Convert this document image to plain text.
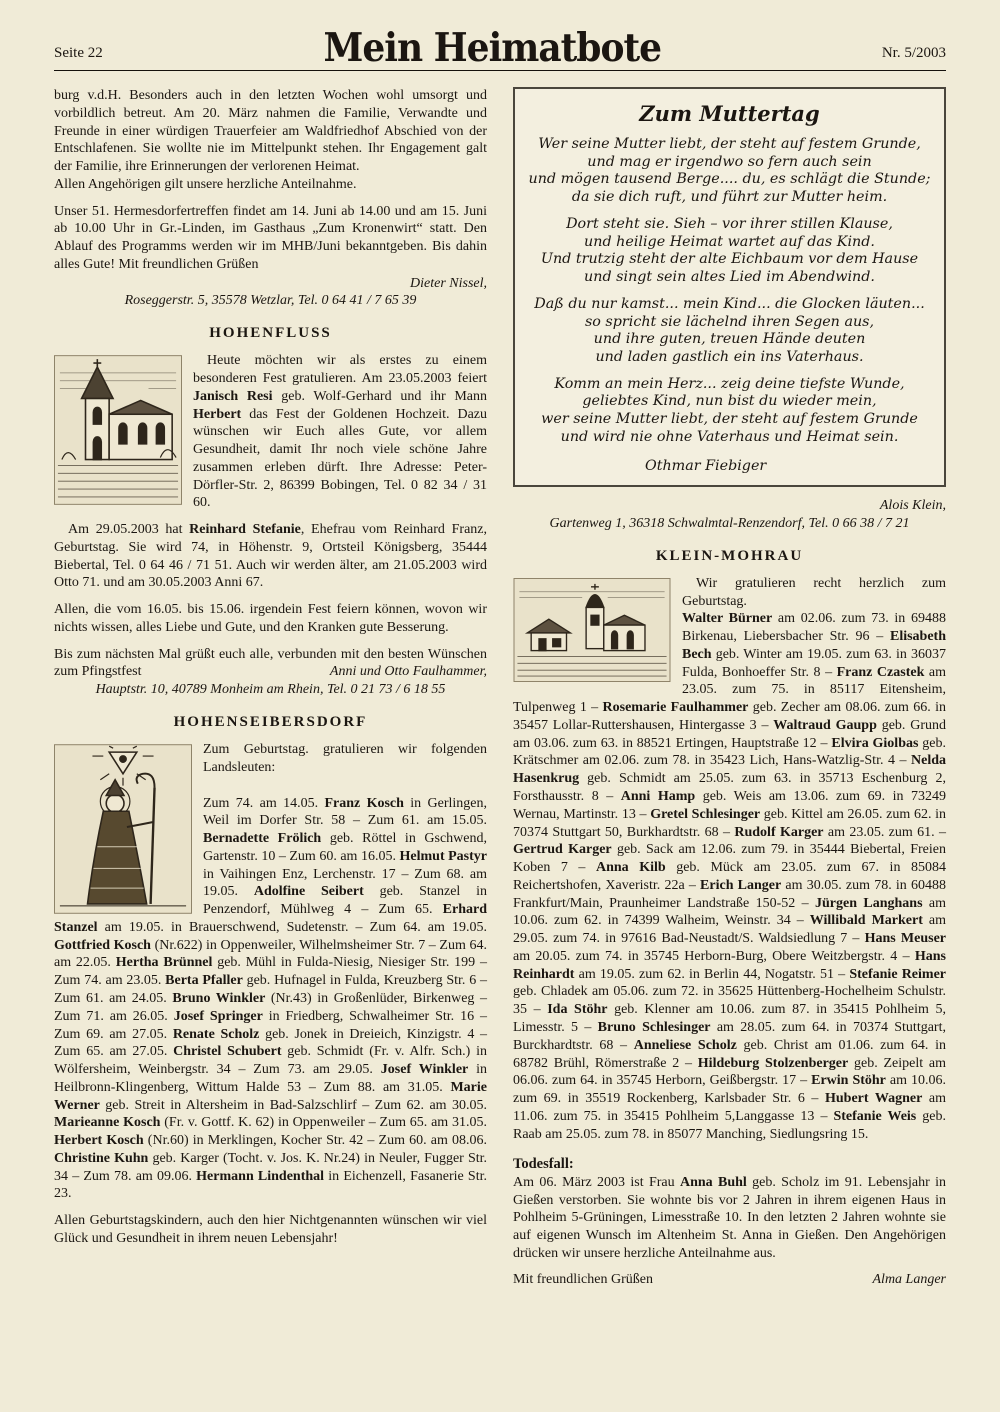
Seite 22	Mein Heimatbote	Nr. 5/2003

burg v.d.H. Besonders auch in den letzten Wochen wohl umsorgt und vorbildlich betreut. Am 20. März nahmen die Familie, Verwandte und Freunde in einer würdigen Trauerfeier am Waldfriedhof Abschied von der Entschlafenen. Sie wollte nie im Mittelpunkt stehen. Ihr Engagement galt der Familie, ihre Erinnerungen der verlorenen Heimat.

Allen Angehörigen gilt unsere herzliche Anteilnahme.

Unser 51. Hermesdorfertreffen findet am 14. Juni ab 14.00 und am 15. Juni ab 10.00 Uhr in Gr.-Linden, im Gasthaus „Zum Kronenwirt“ statt. Den Ablauf des Programms werden wir im MHB/Juni bekanntgeben. Bis dahin alles Gute! Mit freundlichen Grüßen

Dieter Nissel,

Roseggerstr. 5, 35578 Wetzlar, Tel. 0 64 41 / 7 65 39

HOHENFLUSS

Heute möchten wir als erstes zu einem besonderen Fest gratulieren. Am 23.05.2003 feiert Janisch Resi geb. Wolf-Gerhard und ihr Mann Herbert das Fest der Goldenen Hochzeit. Dazu wünschen wir Euch alles Gute, vor allem Gesundheit, damit Ihr noch viele schöne Jahre zusammen erleben dürft. Ihre Adresse: Peter-Dörfler-Str. 2, 86399 Bobingen, Tel. 0 82 34 / 31 60.

Am 29.05.2003 hat Reinhard Stefanie, Ehefrau vom Reinhard Franz, Geburtstag. Sie wird 74, in Höhenstr. 9, Ortsteil Königsberg, 35444 Biebertal, Tel. 0 64 46 / 71 51. Auch wir werden älter, am 21.05.2003 wird Otto 71. und am 30.05.2003 Anni 67.

Allen, die vom 16.05. bis 15.06. irgendein Fest feiern können, wovon wir nichts wissen, alles Liebe und Gute, und den Kranken gute Besserung.

Bis zum nächsten Mal grüßt euch alle, verbunden mit den besten Wünschen zum Pfingstfest	Anni und Otto Faulhammer,

Hauptstr. 10, 40789 Monheim am Rhein, Tel. 0 21 73 / 6 18 55

HOHENSEIBERSDORF

Zum Geburtstag. gratulieren wir folgenden Landsleuten:

Zum 74. am 14.05. Franz Kosch in Gerlingen, Weil im Dorfer Str. 58 – Zum 61. am 15.05. Bernadette Frölich geb. Röttel in Gschwend, Gartenstr. 10 – Zum 60. am 16.05. Helmut Pastyr in Vaihingen Enz, Lerchenstr. 17 – Zum 68. am 19.05. Adolfine Seibert geb. Stanzel in Penzendorf, Mühlweg 4 – Zum 65. Erhard Stanzel am 19.05. in Brauerschwend, Sudetenstr. – Zum 64. am 19.05. Gottfried Kosch (Nr.622) in Oppenweiler, Wilhelmsheimer Str. 7 – Zum 64. am 22.05. Hertha Brünnel geb. Mühl in Fulda-Niesig, Niesiger Str. 199 – Zum 74. am 23.05. Berta Pfaller geb. Hufnagel in Fulda, Kreuzberg Str. 6 – Zum 61. am 24.05. Bruno Winkler (Nr.43) in Großenlüder, Birkenweg – Zum 71. am 26.05. Josef Springer in Friedberg, Schwalheimer Str. 16 – Zum 69. am 27.05. Renate Scholz geb. Jonek in Dreieich, Kinzigstr. 4 – Zum 65. am 27.05. Christel Schubert geb. Schmidt (Fr. v. Alfr. Sch.) in Wölfersheim, Weinbergstr. 34 – Zum 73. am 29.05. Josef Winkler in Heilbronn-Klingenberg, Wittum Halde 53 – Zum 88. am 31.05. Marie Werner geb. Streit in Altersheim in Bad-Salzschlirf – Zum 62. am 30.05. Marieanne Kosch (Fr. v. Gottf. K. 62) in Oppenweiler – Zum 65. am 31.05. Herbert Kosch (Nr.60) in Merklingen, Kocher Str. 42 – Zum 60. am 08.06. Christine Kuhn geb. Karger (Tocht. v. Jos. K. Nr.24) in Neuler, Fugger Str. 34 – Zum 78. am 09.06. Hermann Lindenthal in Eichenzell, Fasanerie Str. 23.

Allen Geburtstagskindern, auch den hier Nichtgenannten wünschen wir viel Glück und Gesundheit in ihrem neuen Lebensjahr!

Zum Muttertag

Wer seine Mutter liebt, der steht auf festem Grunde,

und mag er irgendwo so fern auch sein

und mögen tausend Berge.... du, es schlägt die Stunde;

da sie dich ruft, und führt zur Mutter heim.

Dort steht sie. Sieh – vor ihrer stillen Klause,

und heilige Heimat wartet auf das Kind.

Und trutzig steht der alte Eichbaum vor dem Hause

und singt sein altes Lied im Abendwind.

Daß du nur kamst... mein Kind... die Glocken läuten...

so spricht sie lächelnd ihren Segen aus,

und ihre guten, treuen Hände deuten

und laden gastlich ein ins Vaterhaus.

Komm an mein Herz... zeig deine tiefste Wunde,

geliebtes Kind, nun bist du wieder mein,

wer seine Mutter liebt, der steht auf festem Grunde

und wird nie ohne Vaterhaus und Heimat sein.

Othmar Fiebiger

Alois Klein,

Gartenweg 1, 36318 Schwalmtal-Renzendorf, Tel. 0 66 38 / 7 21

KLEIN-MOHRAU

Wir gratulieren recht herzlich zum Geburtstag.

Walter Bürner am 02.06. zum 73. in 69488 Birkenau, Liebersbacher Str. 96 – Elisabeth Bech geb. Winter am 19.05. zum 63. in 36037 Fulda, Bonhoeffer Str. 8 – Franz Czastek am 23.05. zum 75. in 85117 Eitensheim, Tulpenweg 1 – Rosemarie Faulhammer geb. Zecher am 08.06. zum 66. in 35457 Lollar-Ruttershausen, Hintergasse 3 – Waltraud Gaupp geb. Grund am 03.06. zum 63. in 88521 Ertingen, Hauptstraße 12 – Elvira Giolbas geb. Krätschmer am 02.06. zum 78. in 35423 Lich, Hans-Watzlig-Str. 4 – Nelda Hasenkrug geb. Schmidt am 25.05. zum 63. in 35713 Eschenburg 2, Forsthausstr. 8 – Anni Hamp geb. Weis am 13.06. zum 69. in 73249 Wernau, Martinstr. 13 – Gretel Schlesinger geb. Kittel am 26.05. zum 62. in 70374 Stuttgart 50, Burkhardtstr. 68 – Rudolf Karger am 23.05. zum 61. – Gertrud Karger geb. Sack am 12.06. zum 79. in 35444 Biebertal, Freien Koben 7 – Anna Kilb geb. Mück am 23.05. zum 67. in 85084 Reichertshofen, Xaveristr. 22a – Erich Langer am 30.05. zum 78. in 60488 Frankfurt/Main, Praunheimer Landstraße 150-52 – Jürgen Langhans am 10.06. zum 62. in 74399 Walheim, Weinstr. 34 – Willibald Markert am 29.05. zum 74. in 97616 Bad-Neustadt/S. Waldsiedlung 7 – Hans Meuser am 20.05. zum 74. in 35745 Herborn-Burg, Obere Weitzbergstr. 4 – Hans Reinhardt am 19.05. zum 62. in Berlin 44, Nogatstr. 51 – Stefanie Reimer geb. Chladek am 05.06. zum 72. in 35625 Hüttenberg-Hochelheim Schulstr. 35 – Ida Stöhr geb. Klenner am 10.06. zum 87. in 35415 Pohlheim 5, Limesstr. 5 – Bruno Schlesinger am 28.05. zum 64. in 70374 Stuttgart, Burckhardtstr. 68 – Anneliese Scholz geb. Christ am 01.06. zum 64. in 68782 Brühl, Römerstraße 2 – Hildeburg Stolzenberger geb. Zeipelt am 06.06. zum 64. in 35745 Herborn, Geißbergstr. 17 – Erwin Stöhr am 10.06. zum 69. in 35519 Rockenberg, Karlsbader Str. 6 – Hubert Wagner am 11.06. zum 75. in 35415 Pohlheim 5,Langgasse 13 – Stefanie Weis geb. Raab am 25.05. zum 78. in 85077 Manching, Siedlungsring 15.

Todesfall:

Am 06. März 2003 ist Frau Anna Buhl geb. Scholz im 91. Lebensjahr in Gießen verstorben. Sie wohnte bis vor 2 Jahren in ihrem eigenen Haus in Pohlheim 5-Grüningen, Limesstraße 10. In den letzten 2 Jahren wohnte sie auf eigenen Wunsch im Altenheim St. Anna in Gießen. Den Angehörigen drücken wir unsere herzliche Anteilnahme aus.

Mit freundlichen Grüßen	Alma Langer
